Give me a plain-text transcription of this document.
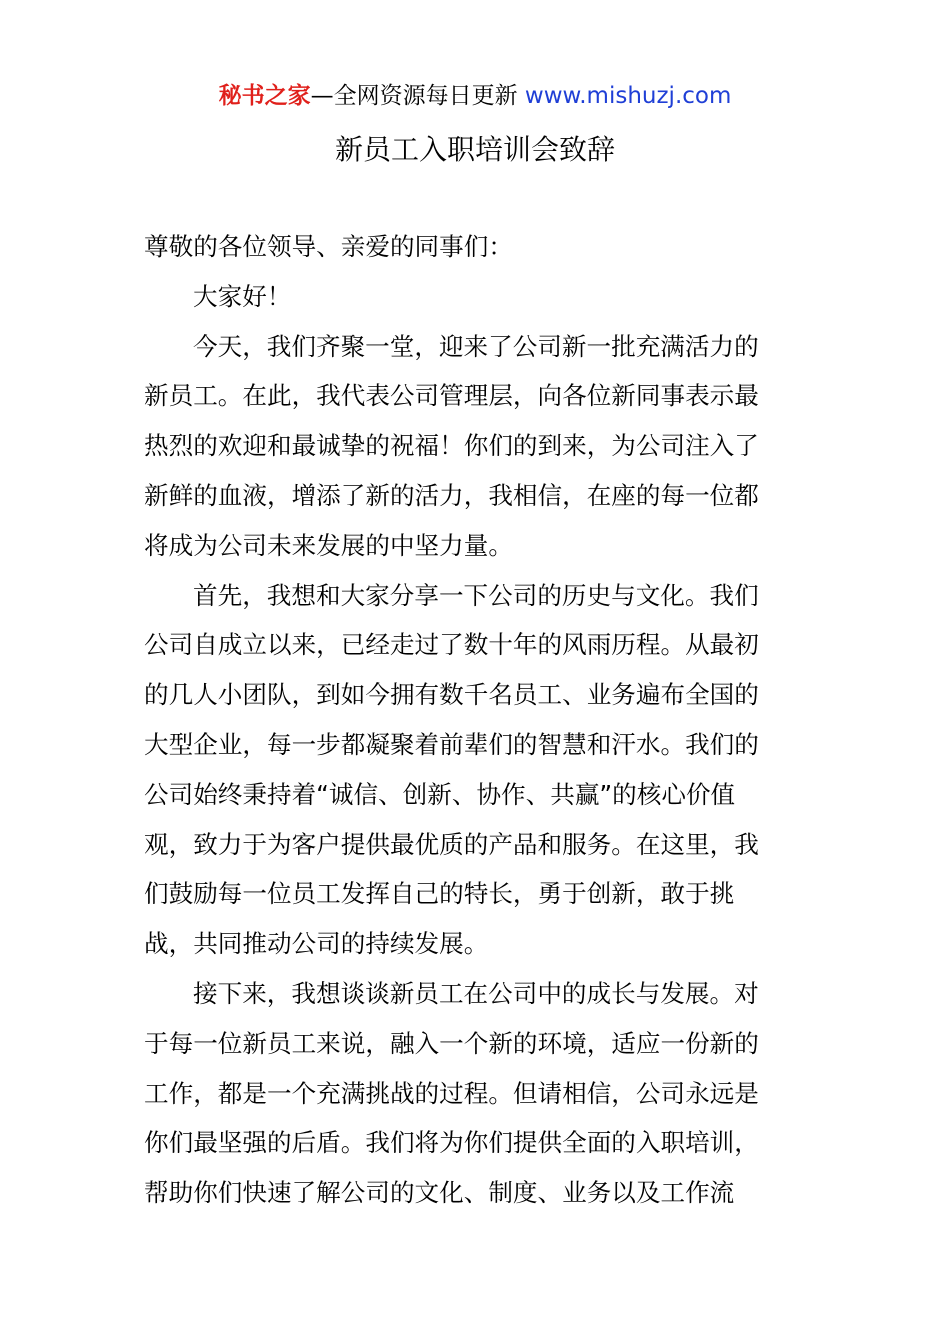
秘书之家—全网资源每日更新 www.mishuzj.com
新员工入职培训会致辞
尊敬的各位领导、亲爱的同事们：
大家好！
今天，我们齐聚一堂，迎来了公司新一批充满活力的
新员工。在此，我代表公司管理层，向各位新同事表示最
热烈的欢迎和最诚挚的祝福！你们的到来，为公司注入了
新鲜的血液，增添了新的活力，我相信，在座的每一位都
将成为公司未来发展的中坚力量。
首先，我想和大家分享一下公司的历史与文化。我们
公司自成立以来，已经走过了数十年的风雨历程。从最初
的几人小团队，到如今拥有数千名员工、业务遍布全国的
大型企业，每一步都凝聚着前辈们的智慧和汗水。我们的
公司始终秉持着“诚信、创新、协作、共赢”的核心价值
观，致力于为客户提供最优质的产品和服务。在这里，我
们鼓励每一位员工发挥自己的特长，勇于创新，敢于挑
战，共同推动公司的持续发展。
接下来，我想谈谈新员工在公司中的成长与发展。对
于每一位新员工来说，融入一个新的环境，适应一份新的
工作，都是一个充满挑战的过程。但请相信，公司永远是
你们最坚强的后盾。我们将为你们提供全面的入职培训，
帮助你们快速了解公司的文化、制度、业务以及工作流
